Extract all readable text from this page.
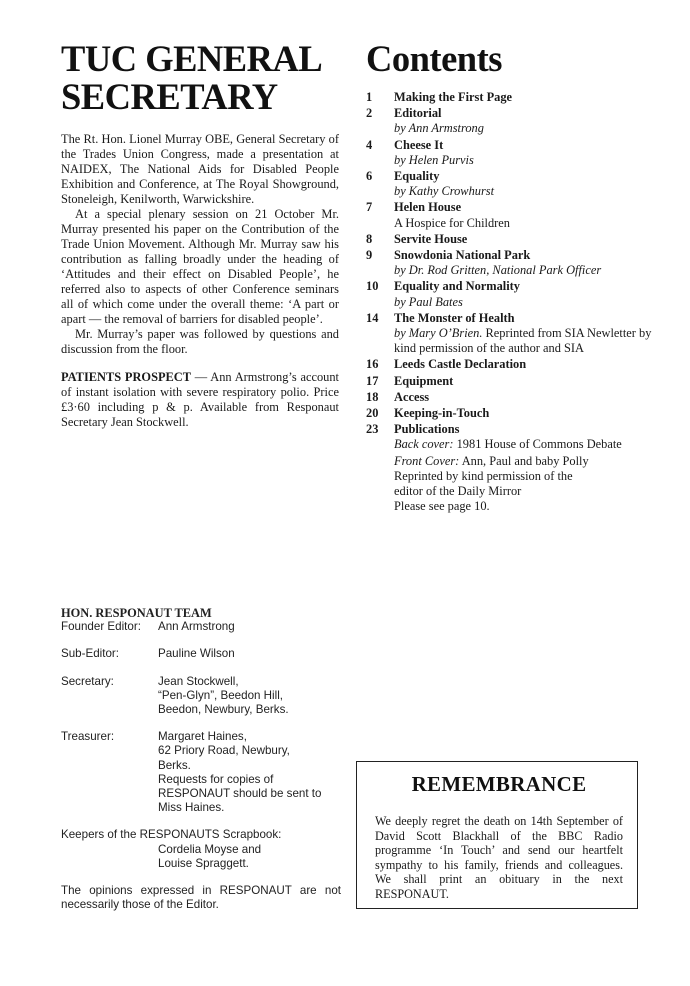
TUC GENERAL
SECRETARY

The Rt. Hon. Lionel Murray OBE, General Secretary of the Trades Union Congress, made a presentation at NAIDEX, The National Aids for Disabled People Exhibition and Conference, at The Royal Showground, Stoneleigh, Kenilworth, Warwickshire.

At a special plenary session on 21 October Mr. Murray presented his paper on the Contribution of the Trade Union Movement. Although Mr. Murray saw his contribution as falling broadly under the heading of ‘Attitudes and their effect on Disabled People’, he referred also to aspects of other Conference seminars all of which come under the overall theme: ‘A part or apart — the removal of barriers for disabled people’.

Mr. Murray’s paper was followed by questions and discussion from the floor.

PATIENTS PROSPECT — Ann Armstrong’s account of instant isolation with severe respiratory polio. Price £3·60 including p & p. Available from Responaut Secretary Jean Stockwell.

Contents
1	Making the First Page
2	Editorial
by Ann Armstrong
4	Cheese It
by Helen Purvis
6	Equality
by Kathy Crowhurst
7	Helen House
A Hospice for Children
8	Servite House
9	Snowdonia National Park
by Dr. Rod Gritten, National Park Officer
10	Equality and Normality
by Paul Bates
14	The Monster of Health
by Mary O’Brien. Reprinted from SIA Newletter by kind permission of the author and SIA
16	Leeds Castle Declaration
17	Equipment
18	Access
20	Keeping-in-Touch
23	Publications
Back cover: 1981 House of Commons Debate
Front Cover: Ann, Paul and baby Polly
Reprinted by kind permission of the
editor of the Daily Mirror
Please see page 10.
HON. RESPONAUT TEAM
Founder Editor:	Ann Armstrong
Sub-Editor:	Pauline Wilson
Secretary:	Jean Stockwell,
“Pen-Glyn”, Beedon Hill,
Beedon, Newbury, Berks.
Treasurer:	Margaret Haines,
62 Priory Road, Newbury,
Berks.
Requests for copies of
RESPONAUT should be sent to
Miss Haines.
Keepers of the RESPONAUTS Scrapbook:
Cordelia Moyse and
Louise Spraggett.
The opinions expressed in RESPONAUT are not necessarily those of the Editor.
REMEMBRANCE

We deeply regret the death on 14th September of David Scott Blackhall of the BBC Radio programme ‘In Touch’ and send our heartfelt sympathy to his family, friends and colleagues. We shall print an obituary in the next RESPONAUT.
